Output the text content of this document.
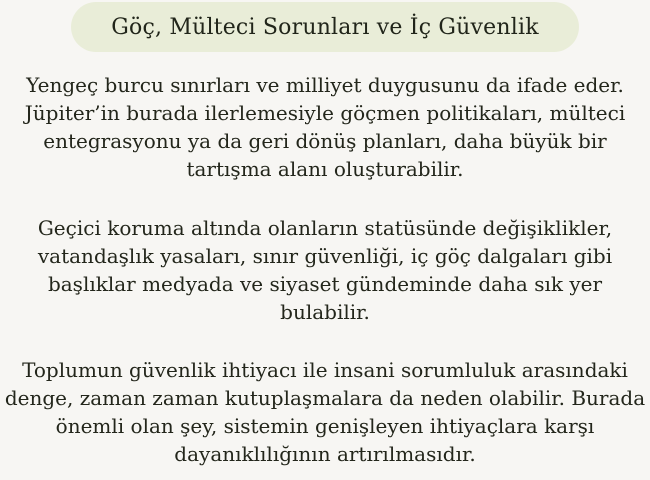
Göç, Mülteci Sorunları ve İç Güvenlik
Yengeç burcu sınırları ve milliyet duygusunu da ifade eder.
Jüpiter’in burada ilerlemesiyle göçmen politikaları, mülteci
entegrasyonu ya da geri dönüş planları, daha büyük bir
tartışma alanı oluşturabilir.
Geçici koruma altında olanların statüsünde değişiklikler,
vatandaşlık yasaları, sınır güvenliği, iç göç dalgaları gibi
başlıklar medyada ve siyaset gündeminde daha sık yer
bulabilir.
Toplumun güvenlik ihtiyacı ile insani sorumluluk arasındaki
denge, zaman zaman kutuplaşmalara da neden olabilir. Burada
önemli olan şey, sistemin genişleyen ihtiyaçlara karşı
dayanıklılığının artırılmasıdır.
